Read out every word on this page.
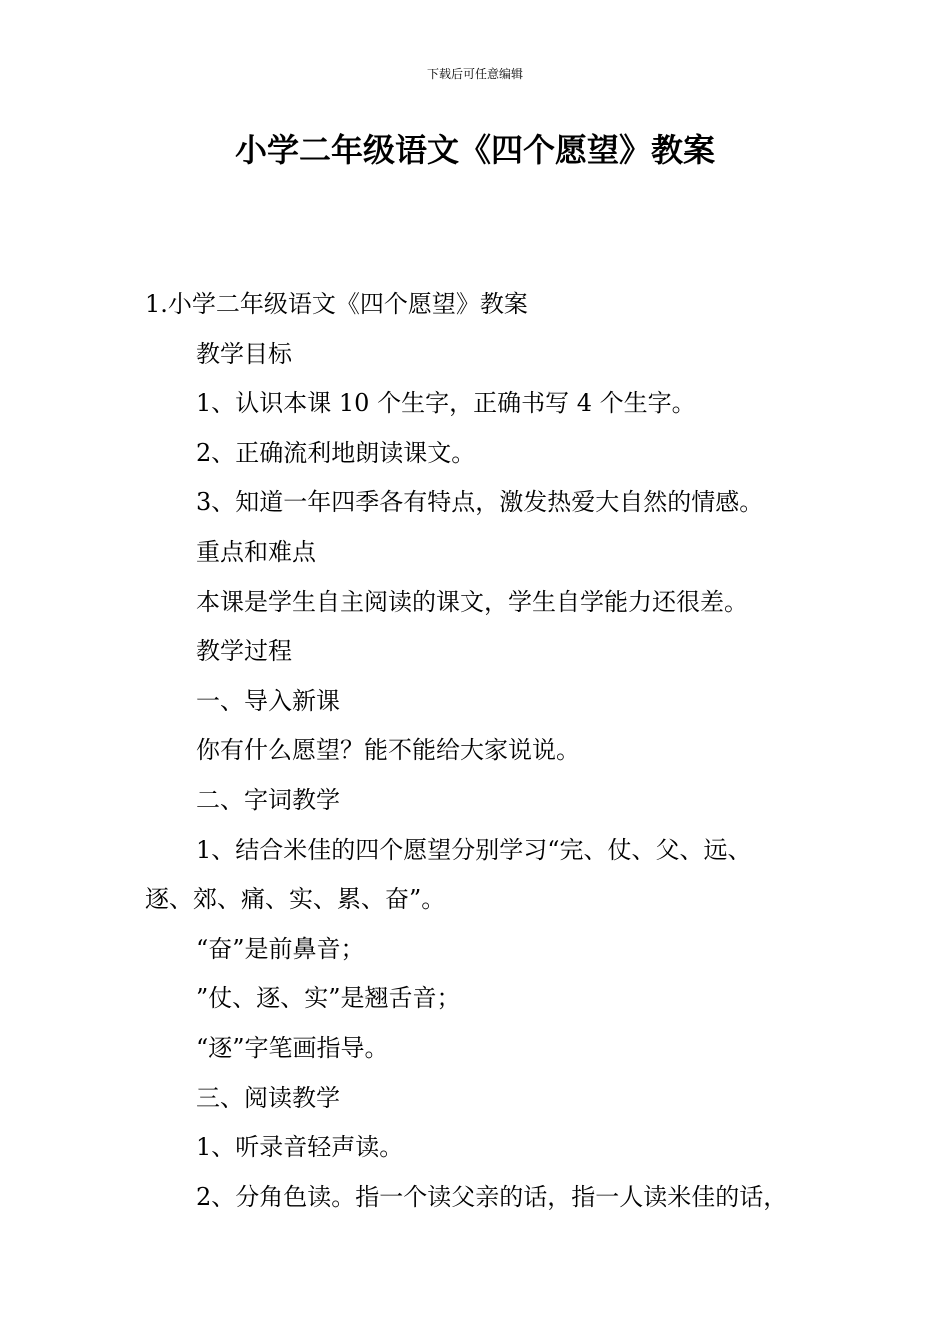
下载后可任意编辑
小学二年级语文《四个愿望》教案
1.小学二年级语文《四个愿望》教案
教学目标
1、认识本课 10 个生字，正确书写 4 个生字。
2、正确流利地朗读课文。
3、知道一年四季各有特点，激发热爱大自然的情感。
重点和难点
本课是学生自主阅读的课文，学生自学能力还很差。
教学过程
一、导入新课
你有什么愿望？能不能给大家说说。
二、字词教学
1、结合米佳的四个愿望分别学习“完、仗、父、远、
逐、郊、痛、实、累、奋”。
“奋”是前鼻音；
”仗、逐、实”是翘舌音；
“逐”字笔画指导。
三、阅读教学
1、听录音轻声读。
2、分角色读。指一个读父亲的话，指一人读米佳的话，
